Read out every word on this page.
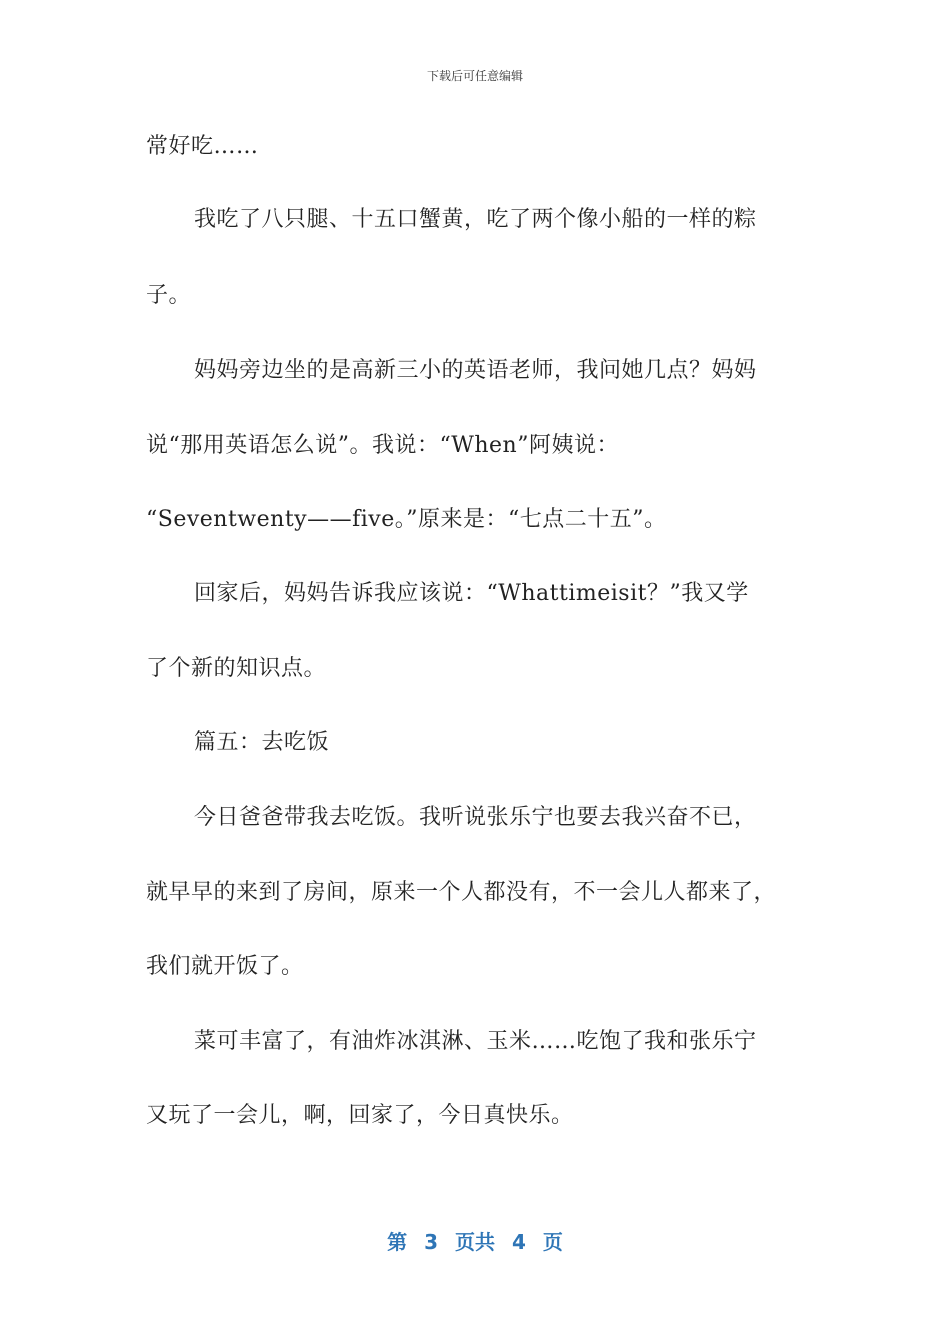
下载后可任意编辑
常好吃……
我吃了八只腿、十五口蟹黄，吃了两个像小船的一样的粽
子。
妈妈旁边坐的是高新三小的英语老师，我问她几点？妈妈
说“那用英语怎么说”。我说：“When”阿姨说：
“Seventwenty——five。”原来是：“七点二十五”。
回家后，妈妈告诉我应该说：“Whattimeisit？”我又学
了个新的知识点。
篇五：去吃饭
今日爸爸带我去吃饭。我听说张乐宁也要去我兴奋不已，
就早早的来到了房间，原来一个人都没有，不一会儿人都来了，
我们就开饭了。
菜可丰富了，有油炸冰淇淋、玉米……吃饱了我和张乐宁
又玩了一会儿，啊，回家了，今日真快乐。
第 3 页共 4 页
